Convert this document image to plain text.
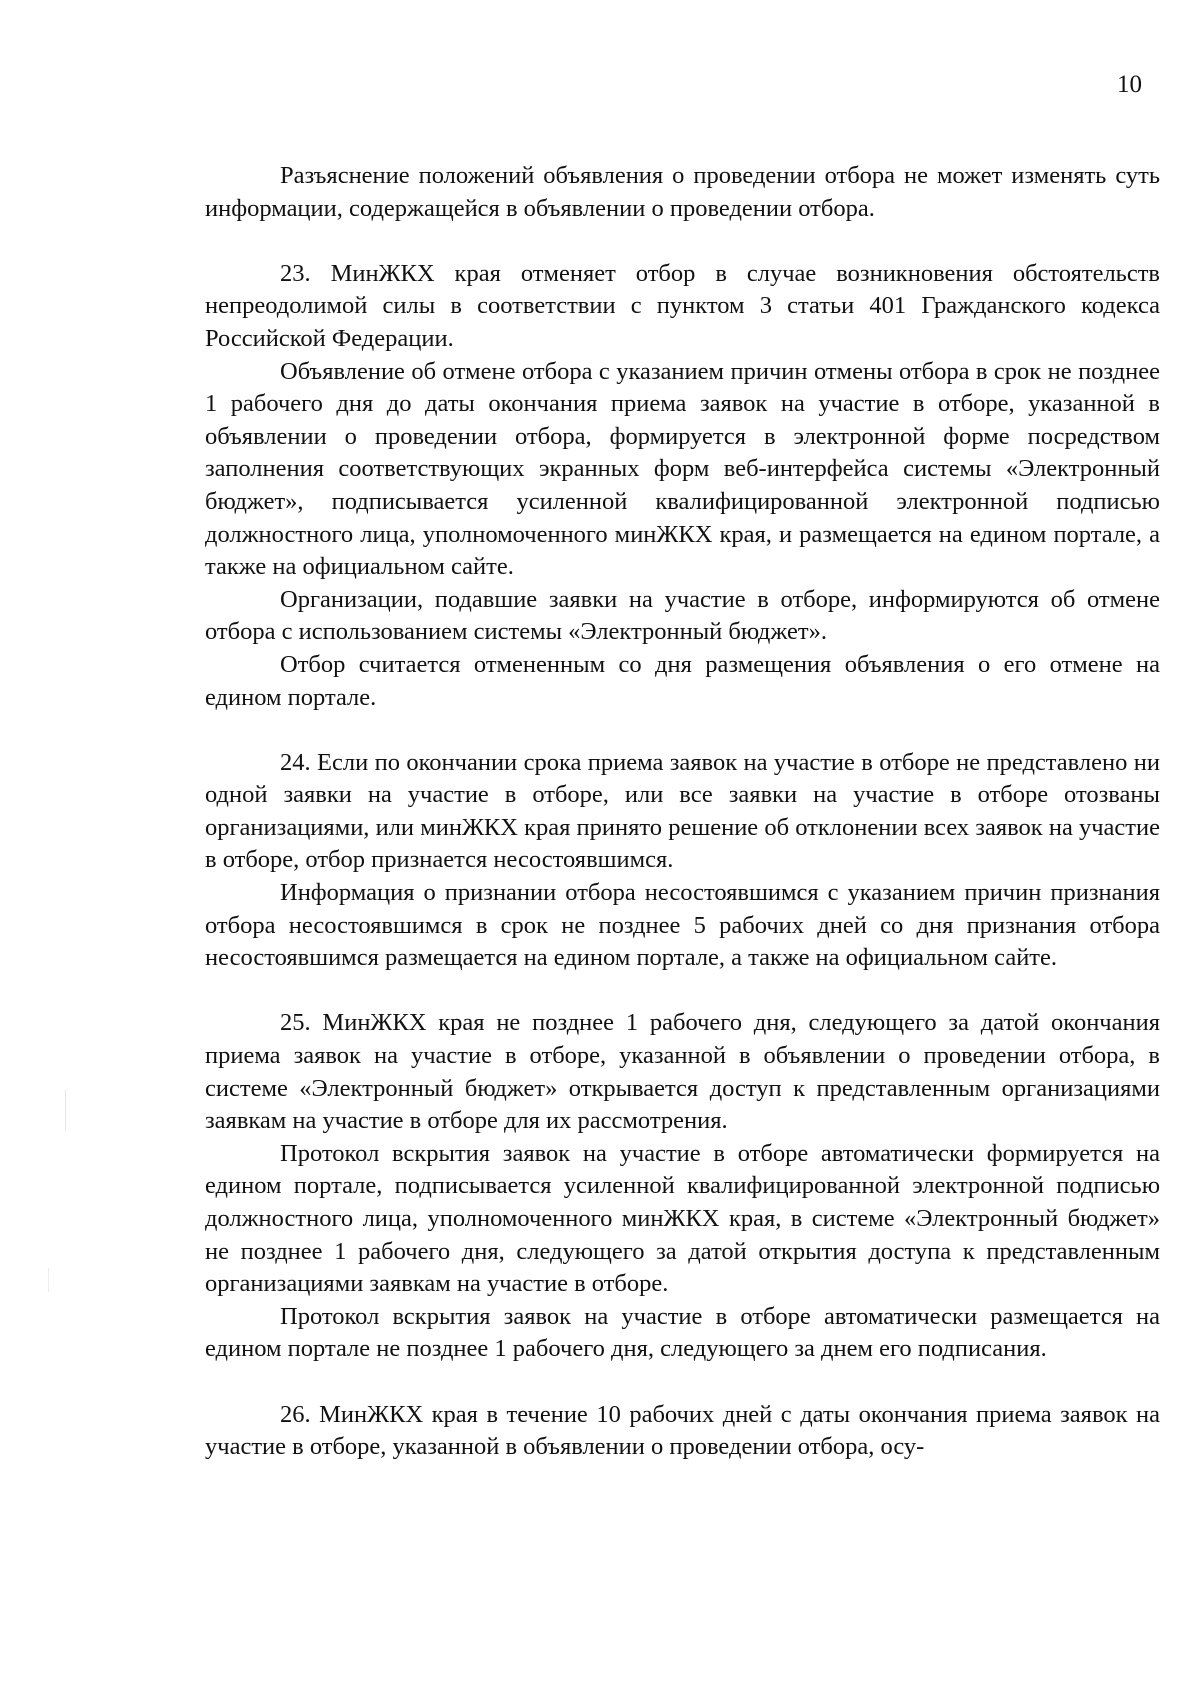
10

Разъяснение положений объявления о проведении отбора не может изменять суть информации, содержащейся в объявлении о проведении отбора.

23. МинЖКХ края отменяет отбор в случае возникновения обстоятельств непреодолимой силы в соответствии с пунктом 3 статьи 401 Гражданского кодекса Российской Федерации.

Объявление об отмене отбора с указанием причин отмены отбора в срок не позднее 1 рабочего дня до даты окончания приема заявок на участие в отборе, указанной в объявлении о проведении отбора, формируется в электронной форме посредством заполнения соответствующих экранных форм веб-интерфейса системы «Электронный бюджет», подписывается усиленной квалифицированной электронной подписью должностного лица, уполномоченного минЖКХ края, и размещается на едином портале, а также на официальном сайте.

Организации, подавшие заявки на участие в отборе, информируются об отмене отбора с использованием системы «Электронный бюджет».

Отбор считается отмененным со дня размещения объявления о его отмене на едином портале.

24. Если по окончании срока приема заявок на участие в отборе не представлено ни одной заявки на участие в отборе, или все заявки на участие в отборе отозваны организациями, или минЖКХ края принято решение об отклонении всех заявок на участие в отборе, отбор признается несостоявшимся.

Информация о признании отбора несостоявшимся с указанием причин признания отбора несостоявшимся в срок не позднее 5 рабочих дней со дня признания отбора несостоявшимся размещается на едином портале, а также на официальном сайте.

25. МинЖКХ края не позднее 1 рабочего дня, следующего за датой окончания приема заявок на участие в отборе, указанной в объявлении о проведении отбора, в системе «Электронный бюджет» открывается доступ к представленным организациями заявкам на участие в отборе для их рассмотрения.

Протокол вскрытия заявок на участие в отборе автоматически формируется на едином портале, подписывается усиленной квалифицированной электронной подписью должностного лица, уполномоченного минЖКХ края, в системе «Электронный бюджет» не позднее 1 рабочего дня, следующего за датой открытия доступа к представленным организациями заявкам на участие в отборе.

Протокол вскрытия заявок на участие в отборе автоматически размещается на едином портале не позднее 1 рабочего дня, следующего за днем его подписания.

26. МинЖКХ края в течение 10 рабочих дней с даты окончания приема заявок на участие в отборе, указанной в объявлении о проведении отбора, осу-
